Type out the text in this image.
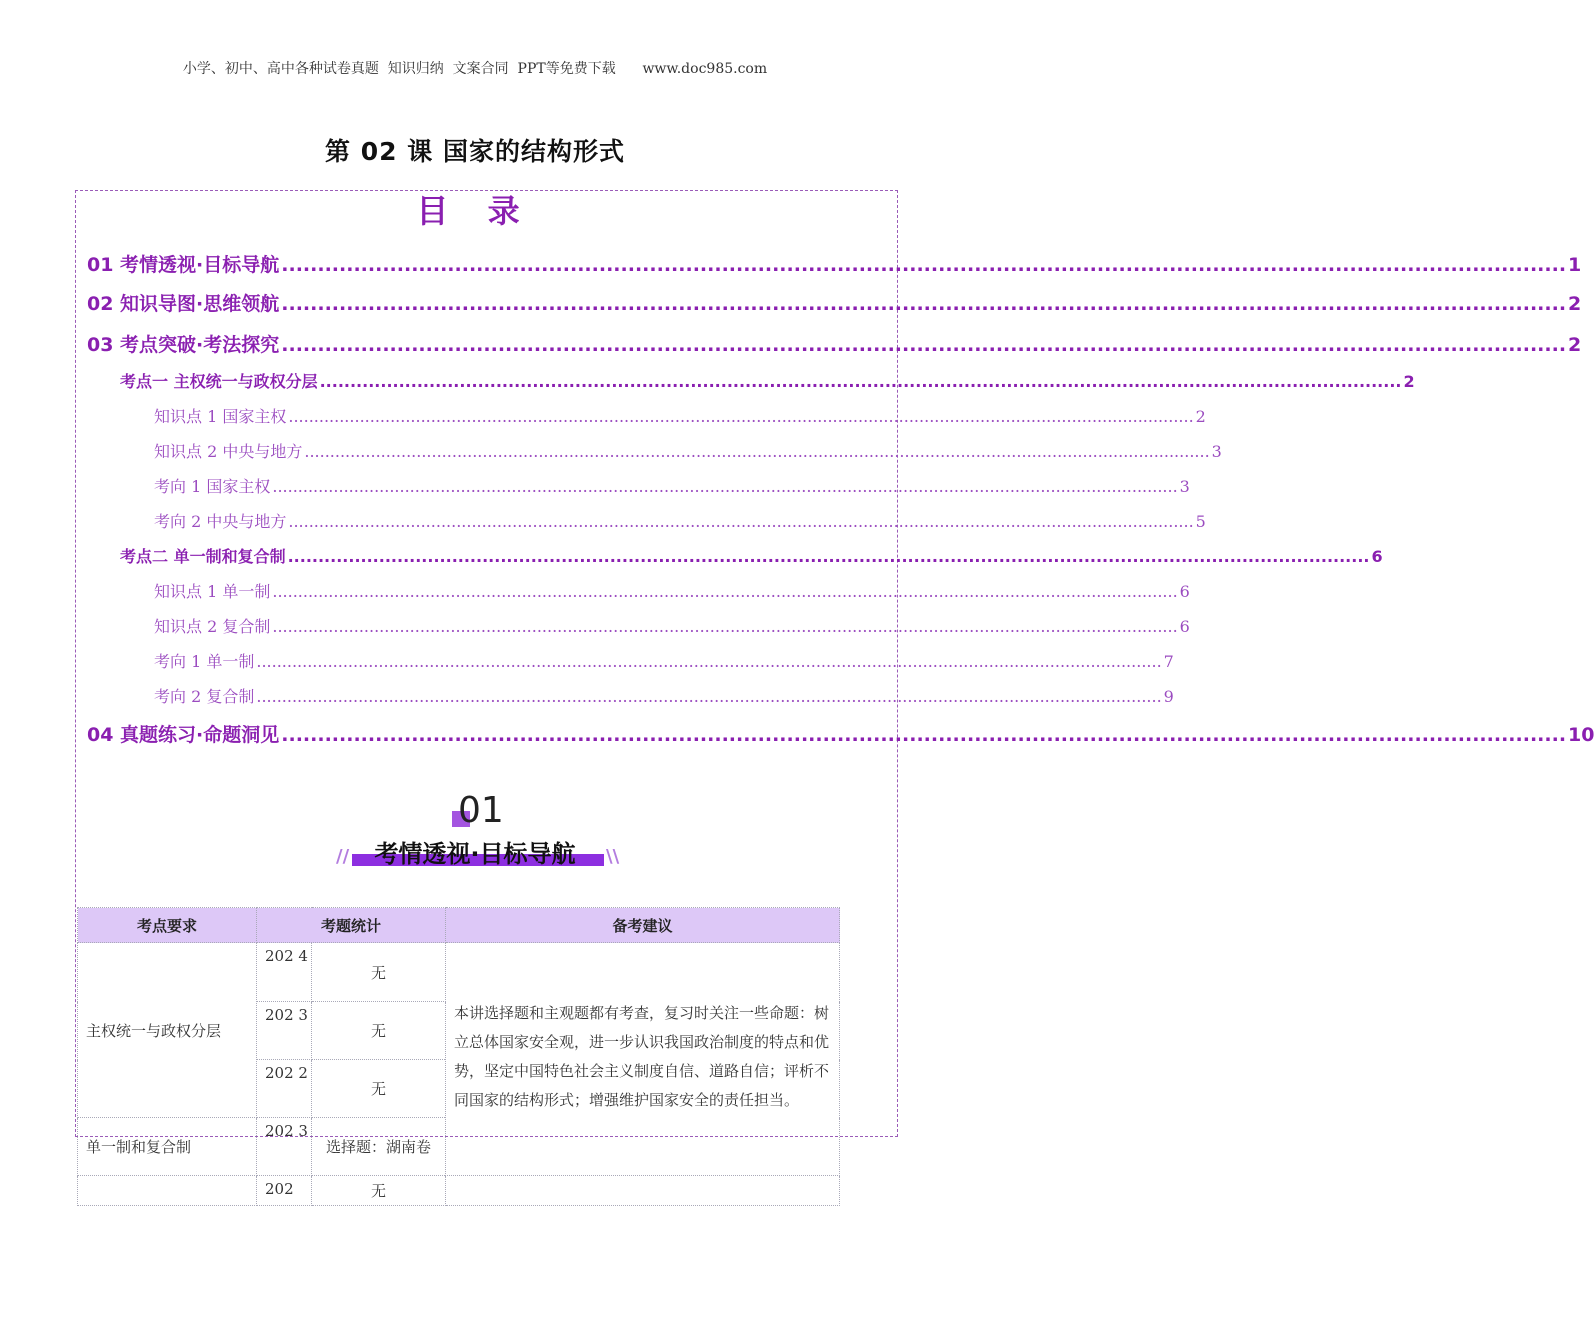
小学、初中、高中各种试卷真题  知识归纳  文案合同  PPT等免费下载      www.doc985.com
第 02 课 国家的结构形式
目 录
01 考情透视·目标导航 .................................................................................................................................................................................. 1
02 知识导图·思维领航 .................................................................................................................................................................................. 2
03 考点突破·考法探究 .................................................................................................................................................................................. 2
考点一 主权统一与政权分层 .................................................................................................................................................................................. 2
知识点 1 国家主权 .................................................................................................................................................................................. 2
知识点 2 中央与地方 .................................................................................................................................................................................. 3
考向 1 国家主权 .................................................................................................................................................................................. 3
考向 2 中央与地方 .................................................................................................................................................................................. 5
考点二 单一制和复合制 .................................................................................................................................................................................. 6
知识点 1 单一制 .................................................................................................................................................................................. 6
知识点 2 复合制 .................................................................................................................................................................................. 6
考向 1 单一制 .................................................................................................................................................................................. 7
考向 2 复合制 .................................................................................................................................................................................. 9
04 真题练习·命题洞见 .................................................................................................................................................................................. 10
01
//	\\
考情透视·目标导航
考点要求	考题统计		备考建议
主权统一与政权分层	202 4	无	本讲选择题和主观题都有考查，复习时关注一些命题：树立总体国家安全观，进一步认识我国政治制度的特点和优势，坚定中国特色社会主义制度自信、道路自信；评析不同国家的结构形式；增强维护国家安全的责任担当。

	202 3	无	
	202 2	无	
单一制和复合制	202 3	选择题：湖南卷	
	202	无	
